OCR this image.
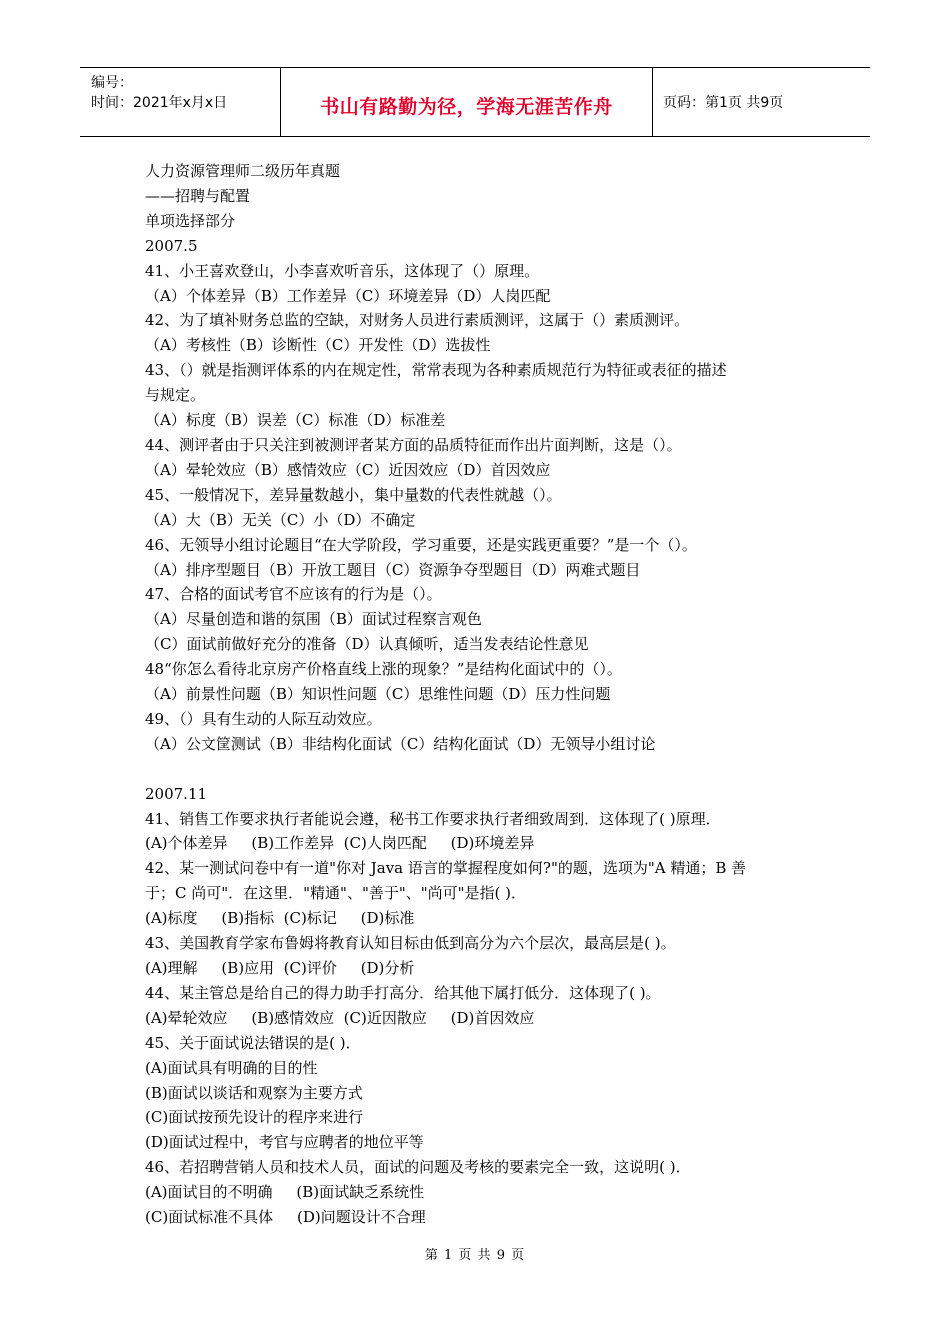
编号：
时间：2021年x月x日	书山有路勤为径，学海无涯苦作舟	页码：第1页 共9页
人力资源管理师二级历年真题
——招聘与配置
单项选择部分
2007.5
41、小王喜欢登山，小李喜欢听音乐，这体现了（）原理。
（A）个体差异（B）工作差异（C）环境差异（D）人岗匹配
42、为了填补财务总监的空缺，对财务人员进行素质测评，这属于（）素质测评。
（A）考核性（B）诊断性（C）开发性（D）选拔性
43、（）就是指测评体系的内在规定性，常常表现为各种素质规范行为特征或表征的描述
与规定。
（A）标度（B）误差（C）标准（D）标准差
44、测评者由于只关注到被测评者某方面的品质特征而作出片面判断，这是（）。
（A）晕轮效应（B）感情效应（C）近因效应（D）首因效应
45、一般情况下，差异量数越小，集中量数的代表性就越（）。
（A）大（B）无关（C）小（D）不确定
46、无领导小组讨论题目“在大学阶段，学习重要，还是实践更重要？”是一个（）。
（A）排序型题目（B）开放工题目（C）资源争夺型题目（D）两难式题目
47、合格的面试考官不应该有的行为是（）。
（A）尽量创造和谐的氛围（B）面试过程察言观色
（C）面试前做好充分的准备（D）认真倾听，适当发表结论性意见
48“你怎么看待北京房产价格直线上涨的现象？”是结构化面试中的（）。
（A）前景性问题（B）知识性问题（C）思维性问题（D）压力性问题
49、（）具有生动的人际互动效应。
（A）公文筐测试（B）非结构化面试（C）结构化面试（D）无领导小组讨论
2007.11
41、销售工作要求执行者能说会遵，秘书工作要求执行者细致周到．这体现了( )原理．
(A)个体差异     (B)工作差异  (C)人岗匹配     (D)环境差异
42、某一测试问卷中有一道"你对 Java 语言的掌握程度如何?"的题，选项为"A 精通；B 善
于；C 尚可"．在这里．"精通"、"善于"、"尚可"是指( )．
(A)标度     (B)指标  (C)标记     (D)标准
43、美国教育学家布鲁姆将教育认知目标由低到高分为六个层次，最高层是( )。
(A)理解     (B)应用  (C)评价     (D)分析
44、某主管总是给自己的得力助手打高分．给其他下属打低分．这体现了( )。
(A)晕轮效应     (B)感情效应  (C)近因散应     (D)首因效应
45、关于面试说法错误的是( )．
(A)面试具有明确的目的性
(B)面试以谈话和观察为主要方式
(C)面试按预先设计的程序来进行
(D)面试过程中，考官与应聘者的地位平等
46、若招聘营销人员和技术人员，面试的问题及考核的要素完全一致，这说明( )．
(A)面试目的不明确     (B)面试缺乏系统性
(C)面试标准不具体     (D)问题设计不合理
第 1 页 共 9 页
